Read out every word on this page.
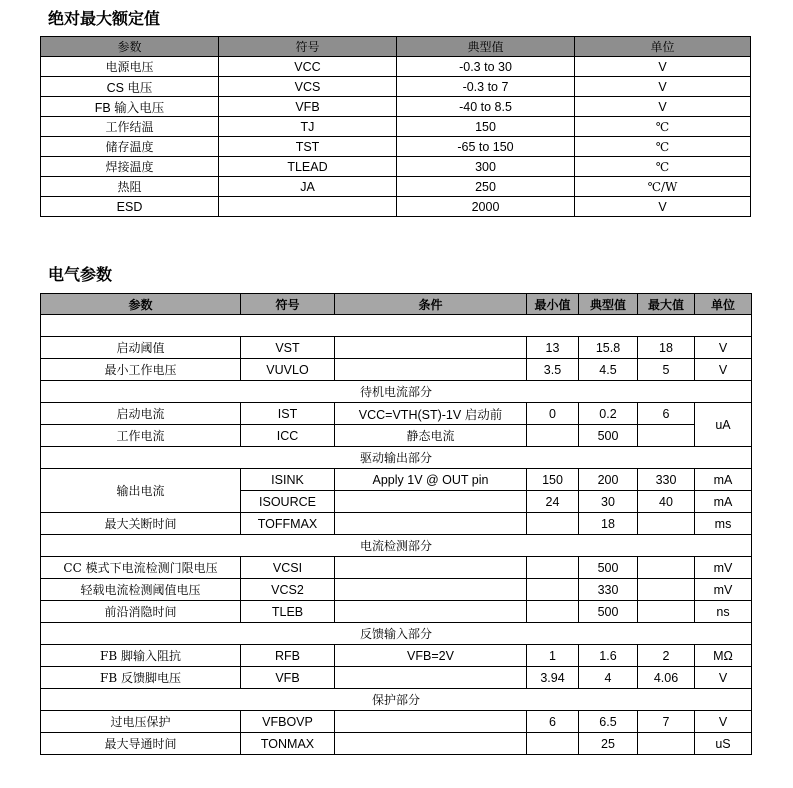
绝对最大额定值
参数	符号	典型值	单位
电源电压	VCC	-0.3 to 30	V
CS 电压	VCS	-0.3 to 7	V
FB 输入电压	VFB	-40 to 8.5	V
工作结温	TJ	150	℃
储存温度	TST	-65 to 150	℃
焊接温度	TLEAD	300	℃
热阻	JA	250	℃/W
ESD		2000	V
电气参数
参数	符号	条件	最小值	典型值	最大值	单位

启动阈值	VST		13	15.8	18	V
最小工作电压	VUVLO		3.5	4.5	5	V
待机电流部分						
启动电流	IST	VCC=VTH(ST)-1V 启动前	0	0.2	6	uA
工作电流	ICC	静态电流		500		
驱动输出部分						
输出电流	ISINK	Apply 1V @ OUT pin	150	200	330	mA
	ISOURCE		24	30	40	mA
最大关断时间	TOFFMAX			18		ms
电流检测部分						
CC 模式下电流检测门限电压	VCSI			500		mV
轻载电流检测阈值电压	VCS2			330		mV
前沿消隐时间	TLEB			500		ns
反馈输入部分						
FB 脚输入阻抗	RFB	VFB=2V	1	1.6	2	MΩ
FB 反馈脚电压	VFB		3.94	4	4.06	V
保护部分						
过电压保护	VFBOVP		6	6.5	7	V
最大导通时间	TONMAX			25		uS
